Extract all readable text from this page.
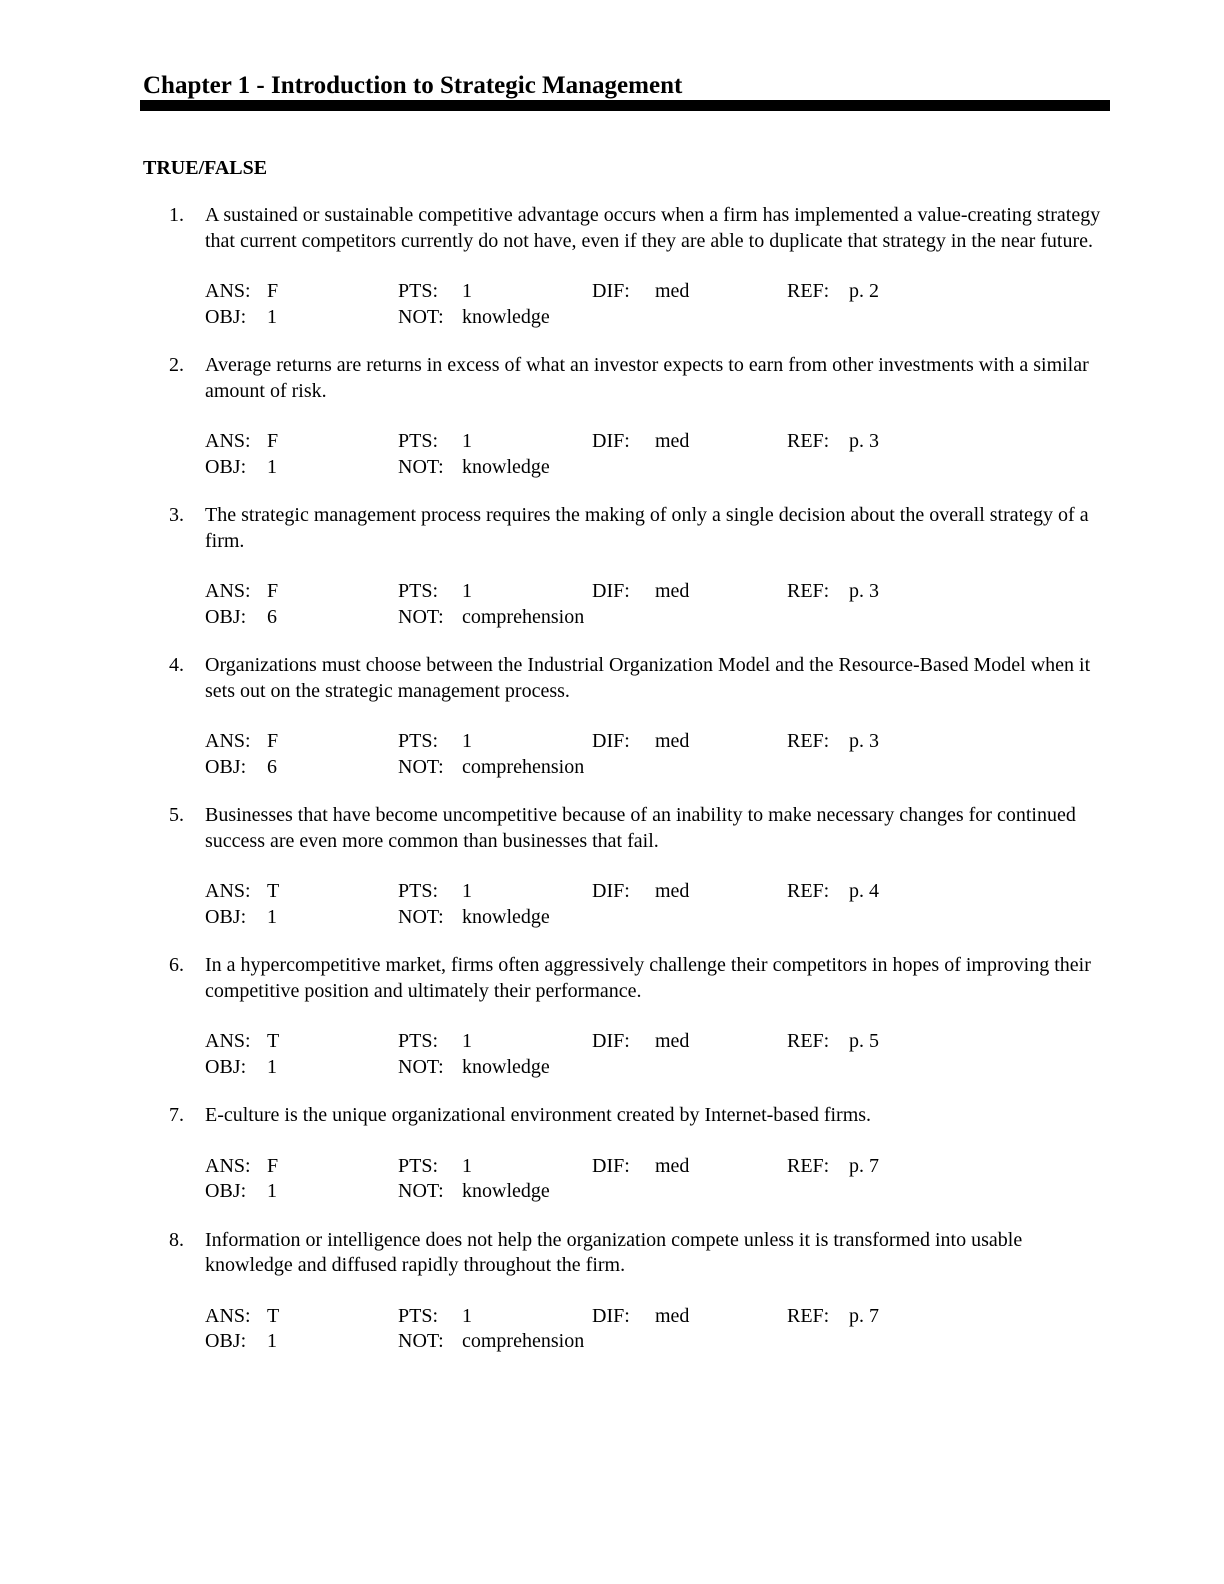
Chapter 1 - Introduction to Strategic Management
TRUE/FALSE
1. A sustained or sustainable competitive advantage occurs when a firm has implemented a value-creating strategy that current competitors currently do not have, even if they are able to duplicate that strategy in the near future.
ANS: F	PTS: 1	DIF: med	REF: p. 2
OBJ: 1	NOT: knowledge
2. Average returns are returns in excess of what an investor expects to earn from other investments with a similar amount of risk.
ANS: F	PTS: 1	DIF: med	REF: p. 3
OBJ: 1	NOT: knowledge
3. The strategic management process requires the making of only a single decision about the overall strategy of a firm.
ANS: F	PTS: 1	DIF: med	REF: p. 3
OBJ: 6	NOT: comprehension
4. Organizations must choose between the Industrial Organization Model and the Resource-Based Model when it sets out on the strategic management process.
ANS: F	PTS: 1	DIF: med	REF: p. 3
OBJ: 6	NOT: comprehension
5. Businesses that have become uncompetitive because of an inability to make necessary changes for continued success are even more common than businesses that fail.
ANS: T	PTS: 1	DIF: med	REF: p. 4
OBJ: 1	NOT: knowledge
6. In a hypercompetitive market, firms often aggressively challenge their competitors in hopes of improving their competitive position and ultimately their performance.
ANS: T	PTS: 1	DIF: med	REF: p. 5
OBJ: 1	NOT: knowledge
7. E-culture is the unique organizational environment created by Internet-based firms.
ANS: F	PTS: 1	DIF: med	REF: p. 7
OBJ: 1	NOT: knowledge
8. Information or intelligence does not help the organization compete unless it is transformed into usable knowledge and diffused rapidly throughout the firm.
ANS: T	PTS: 1	DIF: med	REF: p. 7
OBJ: 1	NOT: comprehension
